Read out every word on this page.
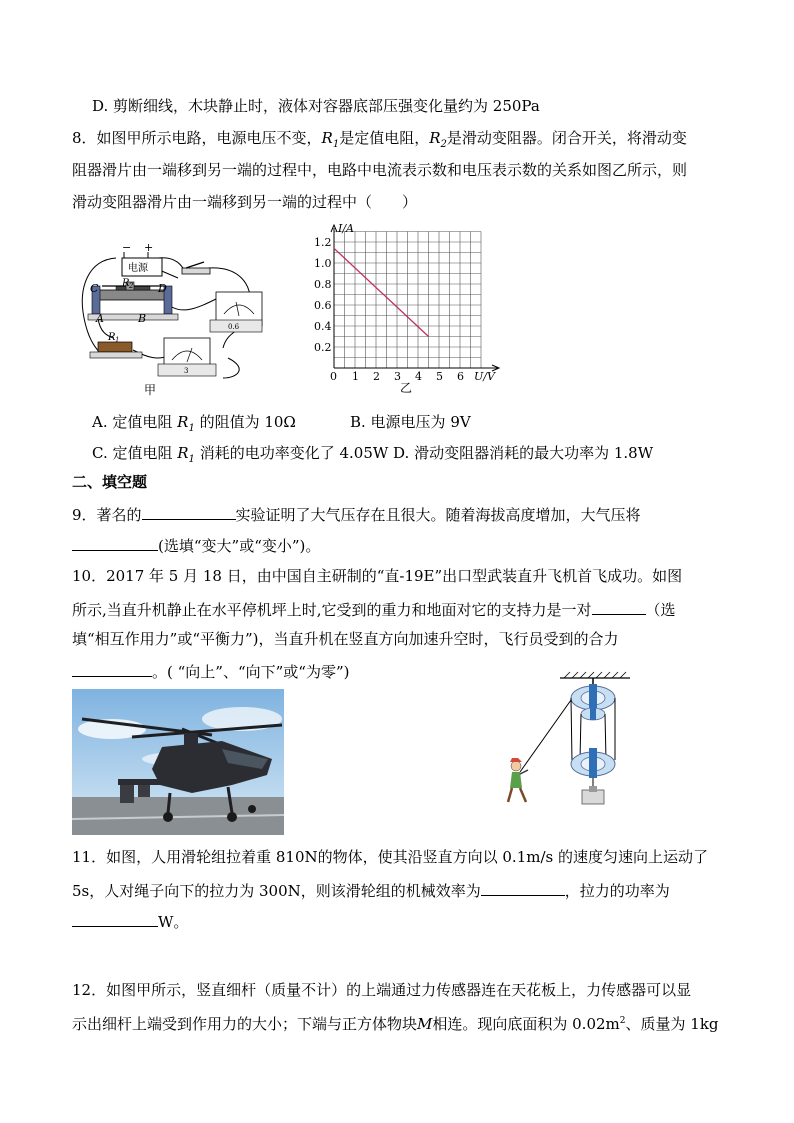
D. 剪断细线，木块静止时，液体对容器底部压强变化量约为 250Pa
8．如图甲所示电路，电源电压不变，$R_1$是定值电阻，$R_2$是滑动变阻器。闭合开关，将滑动变
阻器滑片由一端移到另一端的过程中，电路中电流表示数和电压表示数的关系如图乙所示，则
滑动变阻器滑片由一端移到另一端的过程中（　　）
电源
− +
C	D
A	B
R 2
R 1
0.6
3
甲
I/A
U/V
0
乙
1 2 3 4 5 6
0.2
0.4
0.6
0.8
1.0
1.2
A. 定值电阻 $R_1$ 的阻值为 10Ω	B. 电源电压为 9V
C. 定值电阻 $R_1$ 消耗的电功率变化了 4.05W D. 滑动变阻器消耗的最大功率为 1.8W
二、填空题
9．著名的	实验证明了大气压存在且很大。随着海拔高度增加，大气压将
(选填“变大”或“变小”)。
10．2017 年 5 月 18 日，由中国自主研制的“直-19E”出口型武装直升飞机首飞成功。如图
所示,当直升机静止在水平停机坪上时,它受到的重力和地面对它的支持力是一对	（选
填“相互作用力”或“平衡力”)，当直升机在竖直方向加速升空时，飞行员受到的合力
。( “向上”、“向下”或“为零”)
11．如图，人用滑轮组拉着重 810N的物体，使其沿竖直方向以 0.1m/s 的速度匀速向上运动了
5s，人对绳子向下的拉力为 300N，则该滑轮组的机械效率为	，拉力的功率为
W。
12．如图甲所示，竖直细杆（质量不计）的上端通过力传感器连在天花板上，力传感器可以显
示出细杆上端受到作用力的大小；下端与正方体物块M相连。现向底面积为 $0.02m^2$、质量为 1kg
